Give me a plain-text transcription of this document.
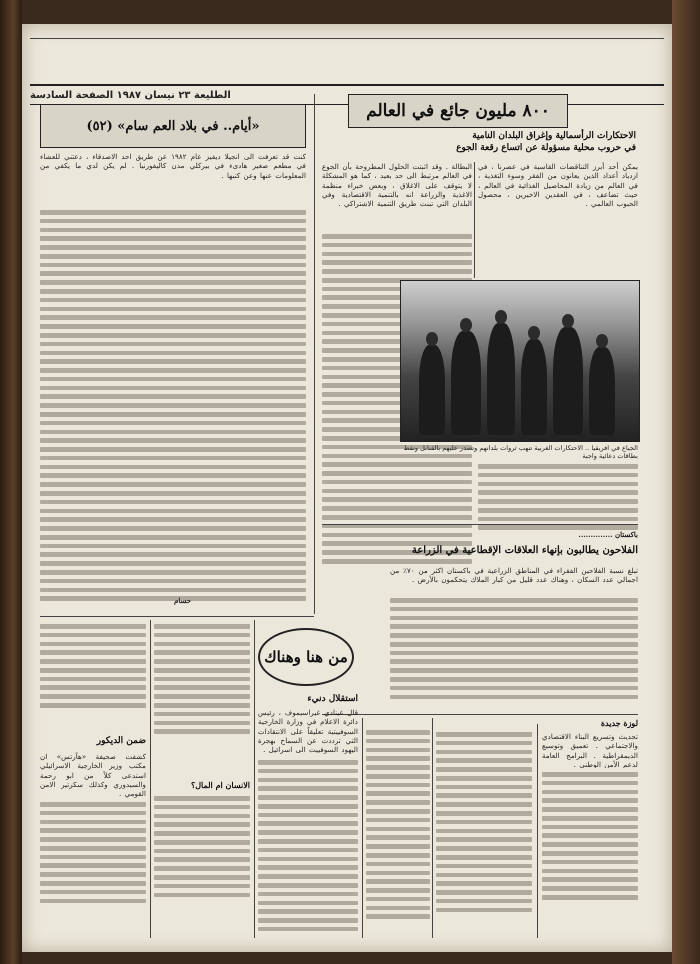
الطليعة ٢٣ نيسان ١٩٨٧ الصفحة السادسة
٨٠٠ مليون جائع في العالم
الاحتكارات الرأسمالية وإغراق البلدان النامية
في حروب محلية مسؤولة عن اتساع رقعة الجوع
يمكن أحد أبرز التناقضات القاسية في عصرنا ، في ازدياد أعداد الذين يعانون من الفقر وسوء التغذية ، في العالم من زيادة المحاصيل الغذائية في العالم ، حيث تضاعف ، في العقدين الاخيرين ، محصول الحبوب العالمي .
البطالة . وقد اثبتت الحلول المطروحة بأن الجوع في العالم مرتبط الى حد بعيد ، كما هو المشكلة لا يتوقف على الاغلاق ، وبعض خبراء منظمة الاغذية والزراعة انه بالتنمية الاقتصادية وفي البلدان التي تبنت طريق التنمية الاشتراكي .
الجياع في افريقيا .. الاحتكارات الغربية تنهب ثروات بلدانهم وتصدر عليهم بالقنابل ونقط بطاقات دعائية واجبة
باكستان ..............
الفلاحون يطالبون بإنهاء العلاقات الإقطاعية في الزراعة
تبلغ نسبة الفلاحين الفقراء في المناطق الزراعية في باكستان اكثر من ٧٠٪ من اجمالي عدد السكان ، وهناك عدد قليل من كبار الملاك يتحكمون بالأرض .
لوزة جديدة
تحديث وتسريع البناء الاقتصادي والاجتماعي . تعميق وتوسيع الديمقراطية . البرامج العامة لدعم الأمن الوطني .
من هنا وهناك
استقلال دنيء
قال غينادي غيراسيموف ، رئيس دائرة الاعلام في وزارة الخارجية السوفييتية تعليقاً على الانتقادات التي ترددت عن السماح بهجرة اليهود السوفييت الى اسرائيل .
«أيام.. في بلاد العم سام» (٥٢)
كنت قد تعرفت الى انجيلا ديفيز عام ١٩٨٢ عن طريق احد الاصدقاء ، دعتني للعشاء في مطعم صغير هادىء في بيركلي مدن كاليفورنيا . لم يكن لدي ما يكفي من المعلومات عنها وعن كتبها .
حسام
الانسان ام المال؟
ضمن الديكور
كشفت صحيفة «هآرتس» ان مكتب وزير الخارجية الاسرائيلي استدعى كلاً من ابو رحمة والسيدوري وكذلك سكرتير الامن القومي .
